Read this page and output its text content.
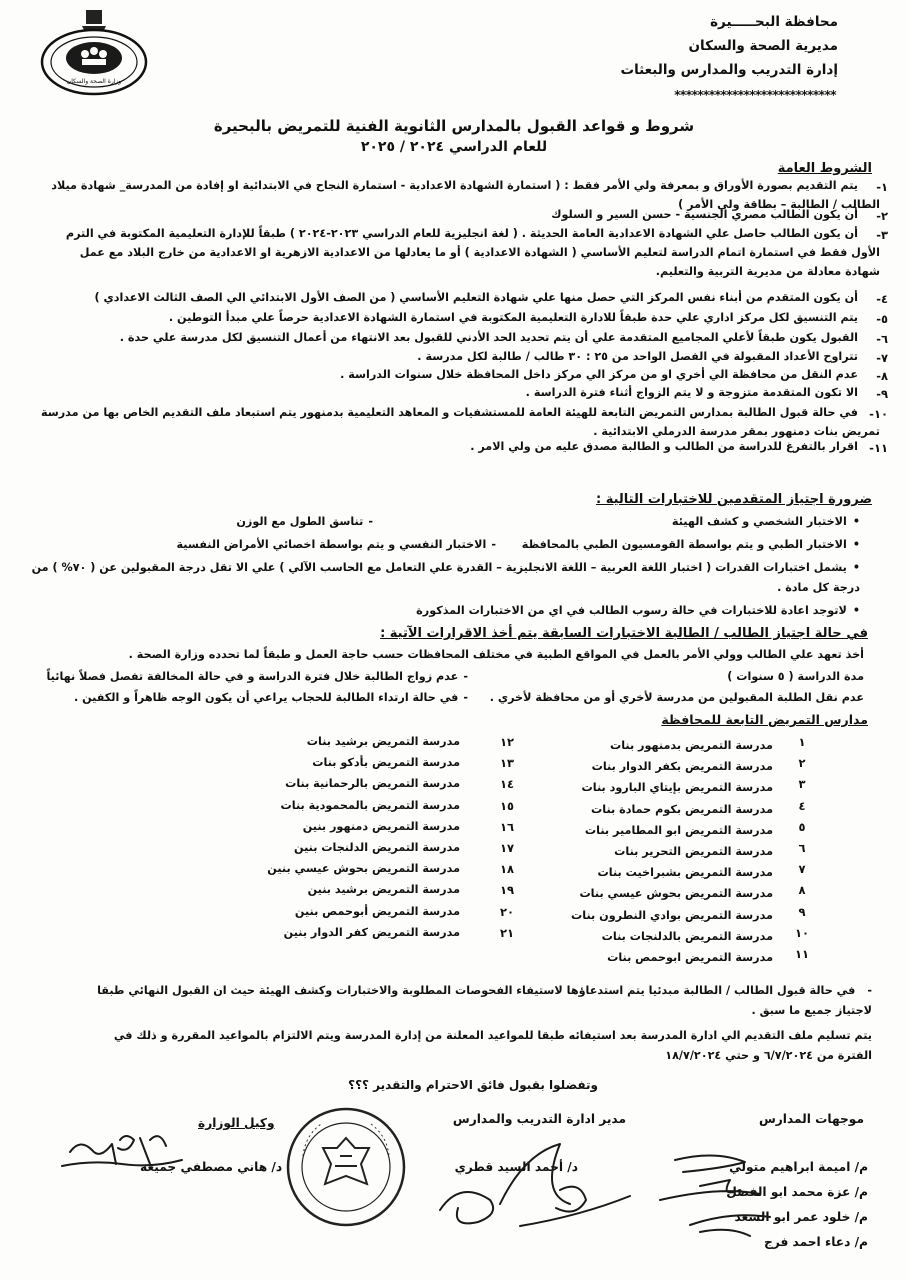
وزارة الصحة والسكان
محافظة البحـــــيرة
مديرية الصحة والسكان
إدارة التدريب والمدارس والبعثات
****************************
شروط و قواعد القبول بالمدارس الثانوية الفنية للتمريض بالبحيرة
للعام الدراسي ٢٠٢٤ / ٢٠٢٥
الشروط العامة
١-
يتم التقديم بصورة الأوراق و بمعرفة ولي الأمر فقط : ( استمارة الشهادة الاعدادية - استمارة النجاح في الابتدائية او إفادة من المدرسة_ شهادة ميلاد
الطالب / الطالبة – بطاقة ولي الأمر )
٢-
أن يكون الطالب مصري الجنسية - حسن السير و السلوك
٣-
أن يكون الطالب حاصل علي الشهادة الاعدادية العامة الحديثة . ( لغة انجليزية للعام الدراسي ٢٠٢٣-٢٠٢٤ ) طبقاً للإدارة التعليمية المكتوبة في الترم
الأول فقط في استمارة اتمام الدراسة لتعليم الأساسي ( الشهادة الاعدادية ) أو ما يعادلها من الاعدادية الازهرية او الاعدادية من خارج البلاد مع عمل
شهادة معادلة من مديرية التربية والتعليم.
٤-
أن يكون المتقدم من أبناء نفس المركز التي حصل منها علي شهادة التعليم الأساسي ( من الصف الأول الابتدائي الي الصف الثالث الاعدادي )
٥-
يتم التنسيق لكل مركز اداري علي حدة طبقاً للادارة التعليمية المكتوبة في استمارة الشهادة الاعدادية حرصاً علي مبدأ التوطين .
٦-
القبول يكون طبقاً لأعلي المجاميع المتقدمة علي أن يتم تحديد الحد الأدني للقبول بعد الانتهاء من أعمال التنسيق لكل مدرسة علي حدة .
٧-
تتراوح الأعداد المقبولة في الفصل الواحد من ٢٥ : ٣٠ طالب / طالبة لكل مدرسة .
٨-
عدم النقل من محافظة الي أخري او من مركز الي مركز داخل المحافظة خلال سنوات الدراسة .
٩-
الا تكون المتقدمة متزوجة و لا يتم الزواج أثناء فترة الدراسة .
١٠-
في حالة قبول الطالبة بمدارس التمريض التابعة للهيئة العامة للمستشفيات و المعاهد التعليمية بدمنهور يتم استبعاد ملف التقديم الخاص بها من مدرسة
تمريض بنات دمنهور بمقر مدرسة الدرملي الابتدائية .
١١-
اقرار بالتفرغ للدراسة من الطالب و الطالبة مصدق عليه من ولي الامر .
ضرورة اجتياز المتقدمين للاختبارات التالية :
• الاختبار الشخصي و كشف الهيئة
- تناسق الطول مع الوزن
• الاختبار الطبي و يتم بواسطة القومسيون الطبي بالمحافظة
- الاختبار النفسي و يتم بواسطة اخصائي الأمراض النفسية
• يشمل اختبارات القدرات ( اختبار اللغة العربية – اللغة الانجليزية – القدرة علي التعامل مع الحاسب الآلي ) علي الا تقل درجة المقبولين عن ( ٧٠% ) من
درجة كل مادة .
• لاتوجد اعادة للاختبارات في حالة رسوب الطالب في اي من الاختبارات المذكورة
في حالة اجتياز الطالب / الطالبة الاختبارات السابقة يتم أخذ الاقرارات الآتية :
أخذ تعهد علي الطالب وولي الأمر بالعمل في المواقع الطبية في مختلف المحافظات حسب حاجة العمل و طبقاً لما تحدده وزارة الصحة .
مدة الدراسة ( ٥ سنوات )
- عدم زواج الطالبة خلال فترة الدراسة و في حالة المخالفة تفصل فصلاً نهائياً
عدم نقل الطلبة المقبولين من مدرسة لأخري أو من محافظة لأخري .
- في حالة ارتداء الطالبة للحجاب يراعي أن يكون الوجه ظاهراً و الكفين .
مدارس التمريض التابعة للمحافظة
١
مدرسة التمريض بدمنهور بنات
٢
مدرسة التمريض بكفر الدوار بنات
٣
مدرسة التمريض بإيتاي البارود بنات
٤
مدرسة التمريض بكوم حمادة بنات
٥
مدرسة التمريض ابو المطامير بنات
٦
مدرسة التمريض التحرير بنات
٧
مدرسة التمريض بشبراخيت بنات
٨
مدرسة التمريض بحوش عيسي بنات
٩
مدرسة التمريض بوادي النطرون بنات
١٠
مدرسة التمريض بالدلنجات بنات
١١
مدرسة التمريض ابوحمص بنات
١٢
مدرسة التمريض برشيد بنات
١٣
مدرسة التمريض بأدكو بنات
١٤
مدرسة التمريض بالرحمانية بنات
١٥
مدرسة التمريض بالمحمودية بنات
١٦
مدرسة التمريض دمنهور بنين
١٧
مدرسة التمريض الدلنجات بنين
١٨
مدرسة التمريض بحوش عيسي بنين
١٩
مدرسة التمريض برشيد بنين
٢٠
مدرسة التمريض أبوحمص بنين
٢١
مدرسة التمريض كفر الدوار بنين
-في حالة قبول الطالب / الطالبة مبدئيا يتم استدعاؤها لاستيفاء الفحوصات المطلوبة والاختبارات وكشف الهيئة حيث ان القبول النهائي طبقا
لاجتياز جميع ما سبق .
يتم تسليم ملف التقديم الي ادارة المدرسة بعد استيفائه طبقا للمواعيد المعلنة من إدارة المدرسة ويتم الالتزام بالمواعيد المقررة و ذلك في
الفترة من ٦/٧/٢٠٢٤ و حتي ١٨/٧/٢٠٢٤
وتفضلوا بقبول فائق الاحترام والتقدير ؟؟؟
موجهات المدارس
م/ اميمة ابراهيم متولي
م/ عزة محمد ابو الفضل
م/ خلود عمر ابو السعد
م/ دعاء احمد فرج
مدير ادارة التدريب والمدارس
د/ أحمد السيد قطري
وكيل الوزارة
د/ هاني مصطفي جميعة
